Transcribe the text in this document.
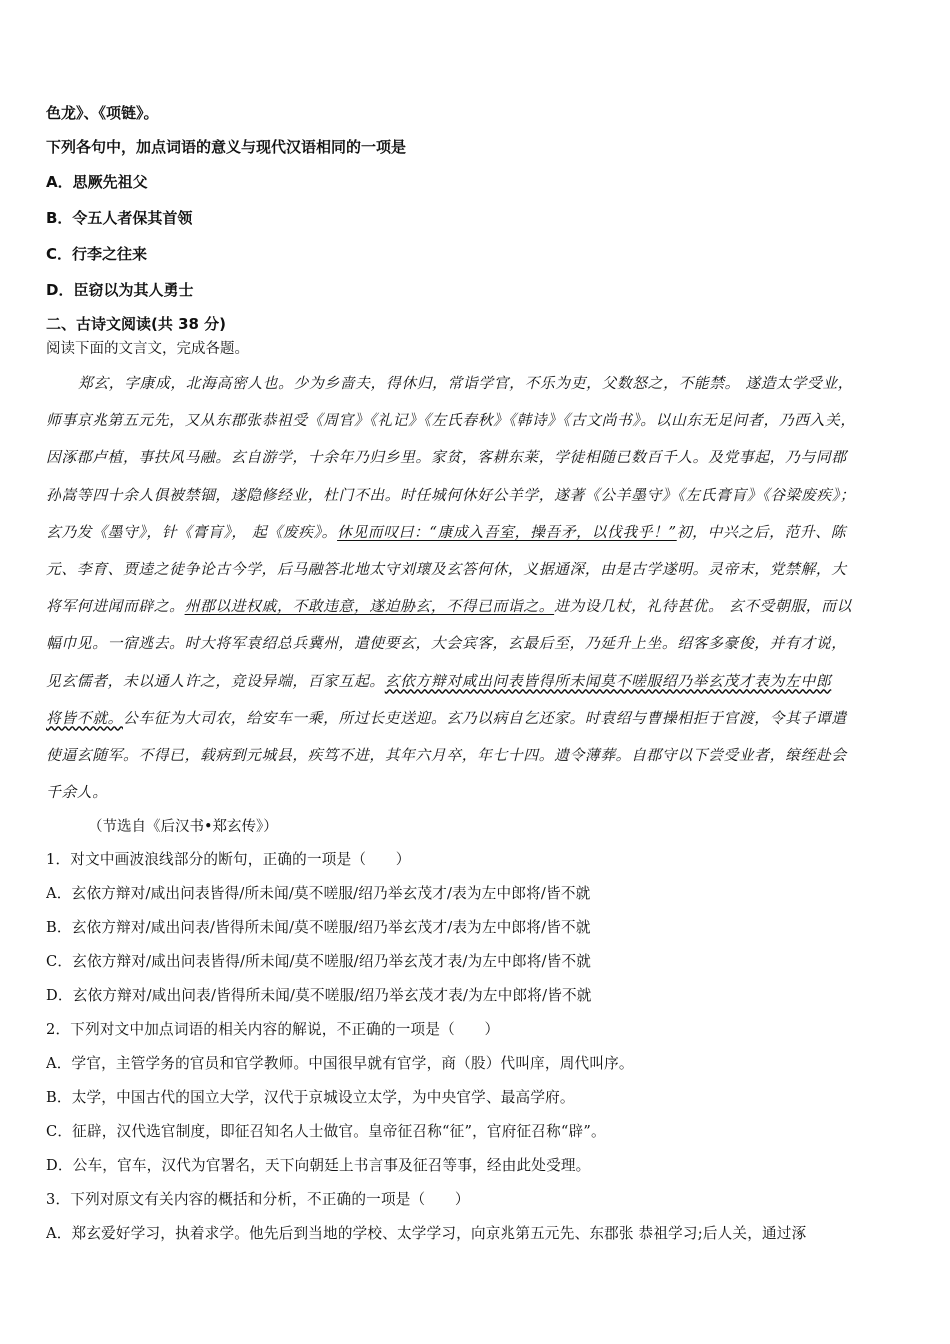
色龙》、《项链》。
下列各句中，加点词语的意义与现代汉语相同的一项是
A．思厥先祖父
B．令五人者保其首领
C．行李之往来
D．臣窃以为其人勇士
二、古诗文阅读(共 38 分)
阅读下面的文言文，完成各题。
郑玄，字康成，北海高密人也。少为乡啬夫，得休归，常诣学官，不乐为吏，父数怒之，不能禁。 遂造太学受业，
师事京兆第五元先，又从东郡张恭祖受《周官》《礼记》《左氏春秋》《韩诗》《古文尚书》。以山东无足问者，乃西入关，
因涿郡卢植，事扶风马融。玄自游学，十余年乃归乡里。家贫，客耕东莱，学徒相随已数百千人。及党事起，乃与同郡
孙嵩等四十余人俱被禁锢，遂隐修经业，杜门不出。时任城何休好公羊学，遂著《公羊墨守》《左氏膏肓》《谷梁废疾》；
玄乃发《墨守》，针《膏肓》， 起《废疾》。休见而叹曰：“康成入吾室，操吾矛，以伐我乎！”初，中兴之后，范升、陈
元、李育、贾逵之徒争论古今学，后马融答北地太守刘瓌及玄答何休，义据通深，由是古学遂明。灵帝末，党禁解，大
将军何进闻而辟之。州郡以进权戚，不敢违意，遂迫胁玄，不得已而诣之。进为设几杖，礼待甚优。 玄不受朝服，而以
幅巾见。一宿逃去。时大将军袁绍总兵冀州，遣使要玄，大会宾客，玄最后至，乃延升上坐。绍客多豪俊，并有才说，
见玄儒者，未以通人许之，竞设异端，百家互起。玄依方辩对咸出问表皆得所未闻莫不嗟服绍乃举玄茂才表为左中郎
将皆不就。公车征为大司农，给安车一乘，所过长吏送迎。玄乃以病自乞还家。时袁绍与曹操相拒于官渡，令其子谭遣
使逼玄随军。不得已，载病到元城县，疾笃不进，其年六月卒，年七十四。遗令薄葬。自郡守以下尝受业者，缞绖赴会
千余人。
（节选自《后汉书•郑玄传》）
1．对文中画波浪线部分的断句，正确的一项是（　　）
A．玄依方辩对/咸出问表皆得/所未闻/莫不嗟服/绍乃举玄茂才/表为左中郎将/皆不就
B．玄依方辩对/咸出问表/皆得所未闻/莫不嗟服/绍乃举玄茂才/表为左中郎将/皆不就
C．玄依方辩对/咸出问表皆得/所未闻/莫不嗟服/绍乃举玄茂才表/为左中郎将/皆不就
D．玄依方辩对/咸出问表/皆得所未闻/莫不嗟服/绍乃举玄茂才表/为左中郎将/皆不就
2．下列对文中加点词语的相关内容的解说，不正确的一项是（　　）
A．学官，主管学务的官员和官学教师。中国很早就有官学，商（股）代叫庠，周代叫序。
B．太学，中国古代的国立大学，汉代于京城设立太学，为中央官学、最高学府。
C．征辟，汉代选官制度，即征召知名人士做官。皇帝征召称“征”，官府征召称“辟”。
D．公车，官车，汉代为官署名，天下向朝廷上书言事及征召等事，经由此处受理。
3．下列对原文有关内容的概括和分析，不正确的一项是（　　）
A．郑玄爱好学习，执着求学。他先后到当地的学校、太学学习，向京兆第五元先、东郡张 恭祖学习;后人关，通过涿
